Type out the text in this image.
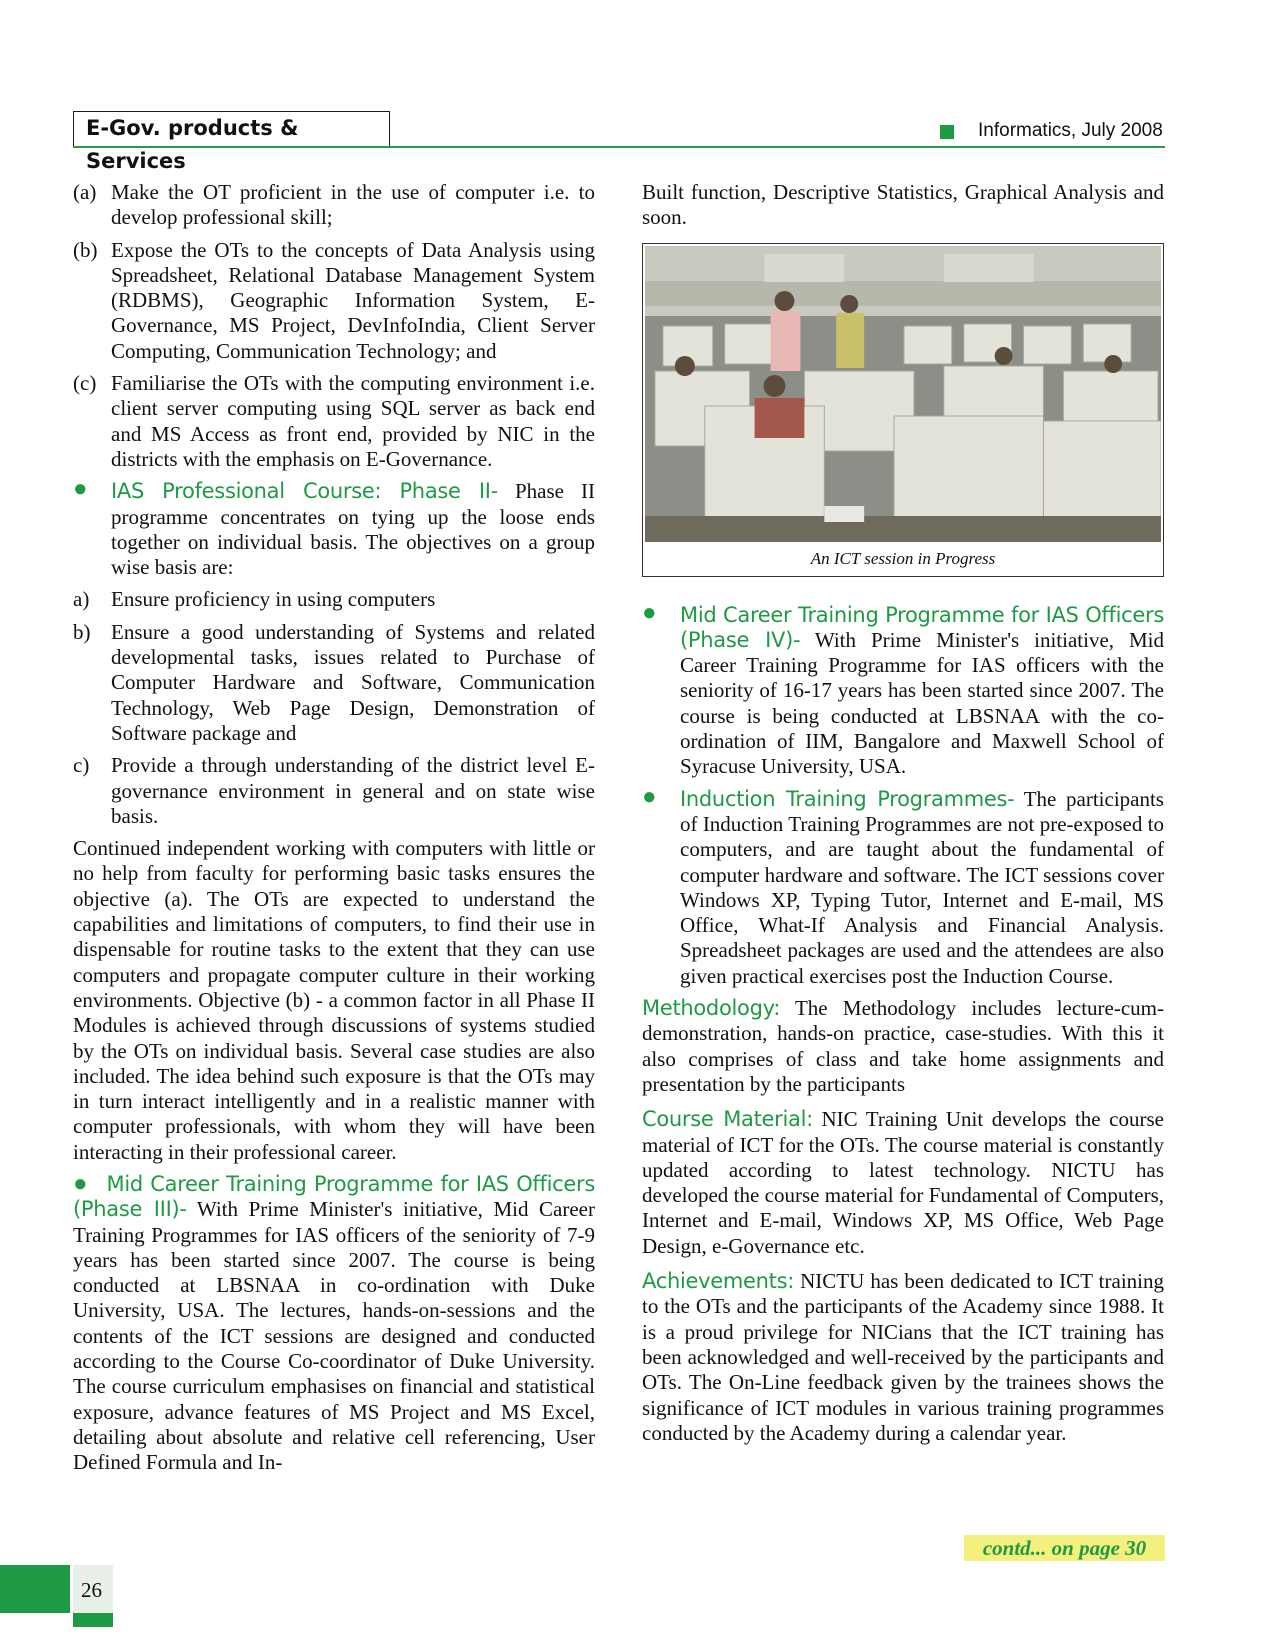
E-Gov. products & Services
Informatics, July 2008
(a) Make the OT proficient in the use of computer i.e. to develop professional skill;

(b) Expose the OTs to the concepts of Data Analysis using Spreadsheet, Relational Database Management System (RDBMS), Geographic Information System, E-Governance, MS Project, DevInfoIndia, Client Server Computing, Communication Technology; and

(c) Familiarise the OTs with the computing environment i.e. client server computing using SQL server as back end and MS Access as front end, provided by NIC in the districts with the emphasis on E-Governance.

● IAS Professional Course: Phase II- Phase II programme concentrates on tying up the loose ends together on individual basis. The objectives on a group wise basis are:

a) Ensure proficiency in using computers

b) Ensure a good understanding of Systems and related developmental tasks, issues related to Purchase of Computer Hardware and Software, Communication Technology, Web Page Design, Demonstration of Software package and

c) Provide a through understanding of the district level E-governance environment in general and on state wise basis.

Continued independent working with computers with little or no help from faculty for performing basic tasks ensures the objective (a). The OTs are expected to understand the capabilities and limitations of computers, to find their use in dispensable for routine tasks to the extent that they can use computers and propagate computer culture in their working environments. Objective (b) - a common factor in all Phase II Modules is achieved through discussions of systems studied by the OTs on individual basis. Several case studies are also included. The idea behind such exposure is that the OTs may in turn interact intelligently and in a realistic manner with computer professionals, with whom they will have been interacting in their professional career.

● Mid Career Training Programme for IAS Officers (Phase III)- With Prime Minister's initiative, Mid Career Training Programmes for IAS officers of the seniority of 7-9 years has been started since 2007. The course is being conducted at LBSNAA in co-ordination with Duke University, USA. The lectures, hands-on-sessions and the contents of the ICT sessions are designed and conducted according to the Course Co-coordinator of Duke University. The course curriculum emphasises on financial and statistical exposure, advance features of MS Project and MS Excel, detailing about absolute and relative cell referencing, User Defined Formula and In-

Built function, Descriptive Statistics, Graphical Analysis and soon.

An ICT session in Progress
● Mid Career Training Programme for IAS Officers (Phase IV)- With Prime Minister's initiative, Mid Career Training Programme for IAS officers with the seniority of 16-17 years has been started since 2007. The course is being conducted at LBSNAA with the co-ordination of IIM, Bangalore and Maxwell School of Syracuse University, USA.

● Induction Training Programmes- The participants of Induction Training Programmes are not pre-exposed to computers, and are taught about the fundamental of computer hardware and software. The ICT sessions cover Windows XP, Typing Tutor, Internet and E-mail, MS Office, What-If Analysis and Financial Analysis. Spreadsheet packages are used and the attendees are also given practical exercises post the Induction Course.

Methodology: The Methodology includes lecture-cum-demonstration, hands-on practice, case-studies. With this it also comprises of class and take home assignments and presentation by the participants

Course Material: NIC Training Unit develops the course material of ICT for the OTs. The course material is constantly updated according to latest technology. NICTU has developed the course material for Fundamental of Computers, Internet and E-mail, Windows XP, MS Office, Web Page Design, e-Governance etc.

Achievements: NICTU has been dedicated to ICT training to the OTs and the participants of the Academy since 1988. It is a proud privilege for NICians that the ICT training has been acknowledged and well-received by the participants and OTs. The On-Line feedback given by the trainees shows the significance of ICT modules in various training programmes conducted by the Academy during a calendar year.

contd... on page 30
26
